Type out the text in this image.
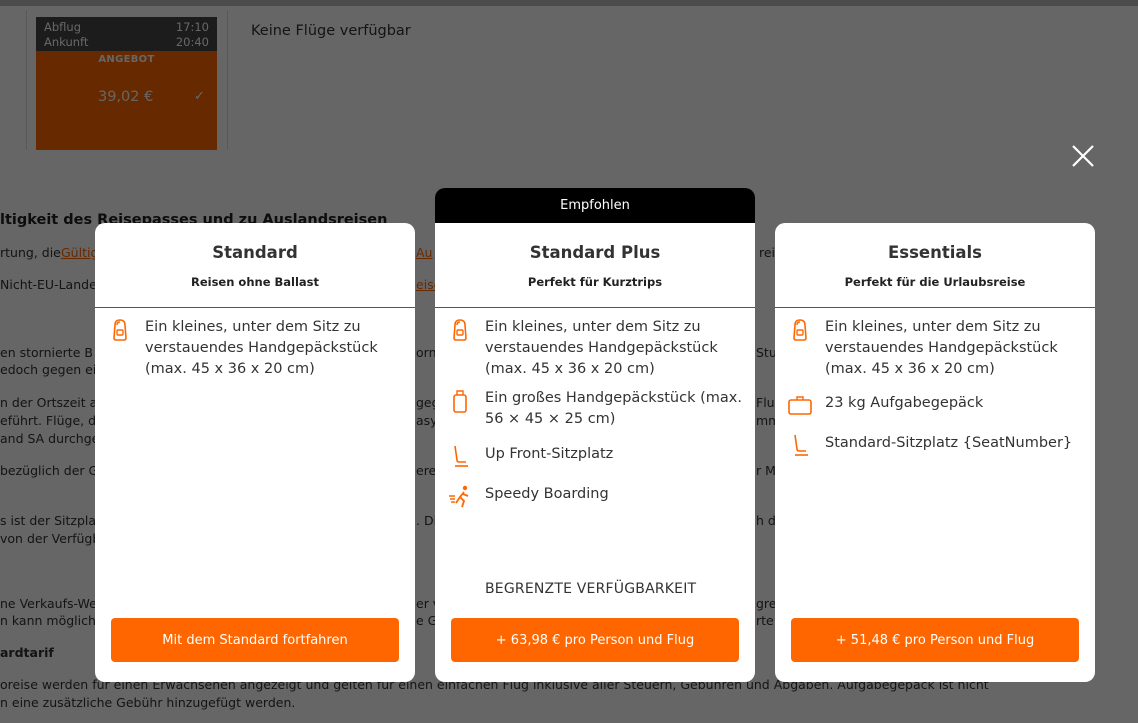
Empfohlen
Standard
Reisen ohne Ballast
Ein kleines, unter dem Sitz zu verstauendes Handgepäckstück (max. 45 x 36 x 20 cm)
Mit dem Standard fortfahren
Standard Plus
Perfekt für Kurztrips
Ein kleines, unter dem Sitz zu verstauendes Handgepäckstück (max. 45 x 36 x 20 cm)
Ein großes Handgepäckstück (max. 56 × 45 × 25 cm)
Up Front-Sitzplatz
Speedy Boarding
BEGRENZTE VERFÜGBARKEIT
+ 63,98 € pro Person und Flug
Essentials
Perfekt für die Urlaubsreise
Ein kleines, unter dem Sitz zu verstauendes Handgepäckstück (max. 45 x 36 x 20 cm)
23 kg Aufgabegepäck
Standard-Sitzplatz {SeatNumber}
+ 51,48 € pro Person und Flug
